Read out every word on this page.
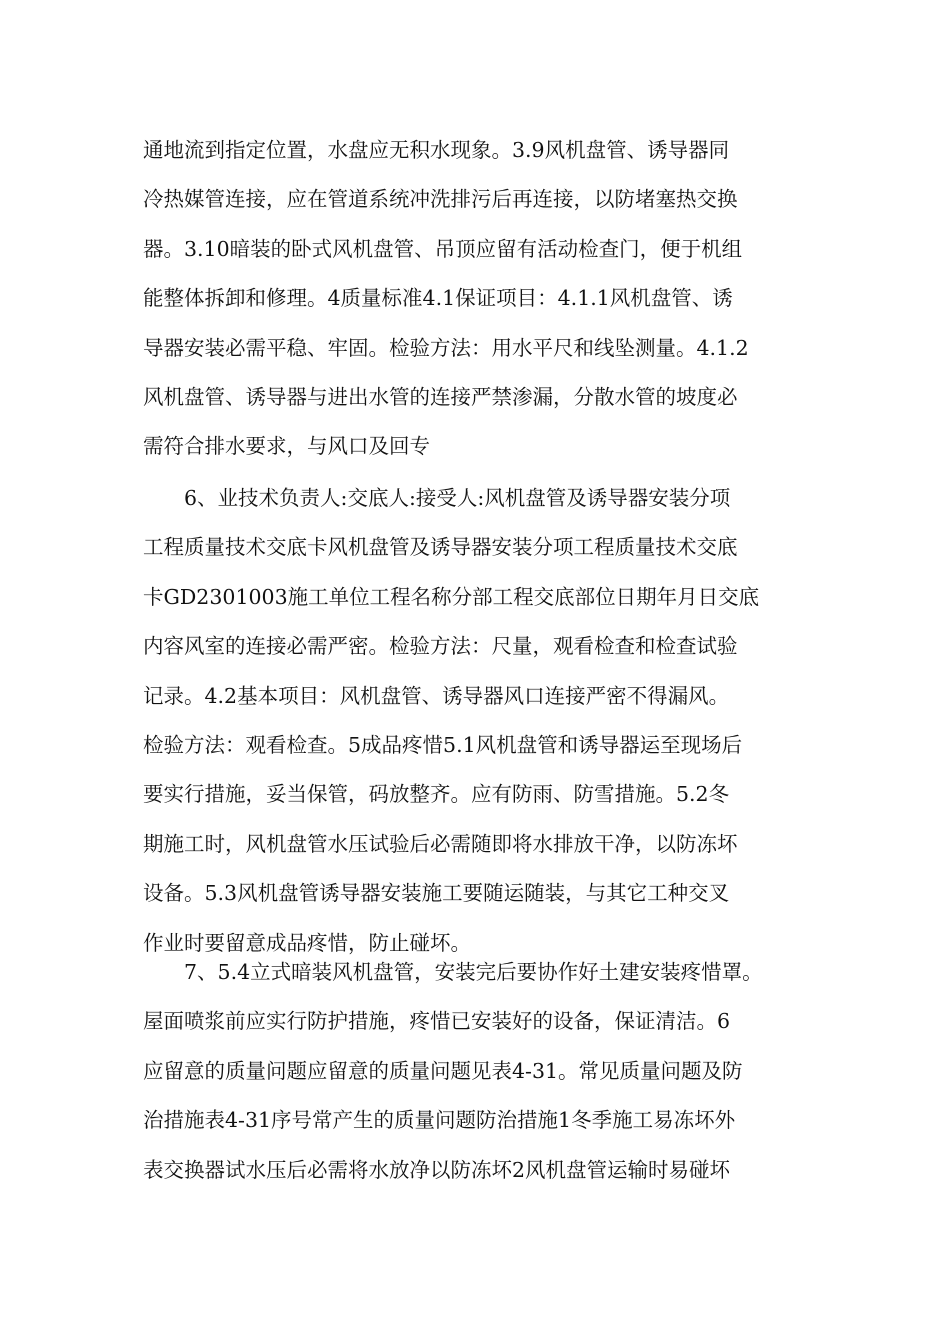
通地流到指定位置，水盘应无积水现象。3.9风机盘管、诱导器同
冷热媒管连接，应在管道系统冲洗排污后再连接，以防堵塞热交换
器。3.10暗装的卧式风机盘管、吊顶应留有活动检查门，便于机组
能整体拆卸和修理。4质量标准4.1保证项目：4.1.1风机盘管、诱
导器安装必需平稳、牢固。检验方法：用水平尺和线坠测量。4.1.2
风机盘管、诱导器与进出水管的连接严禁渗漏，分散水管的坡度必
需符合排水要求，与风口及回专
6、业技术负责人:交底人:接受人:风机盘管及诱导器安装分项
工程质量技术交底卡风机盘管及诱导器安装分项工程质量技术交底
卡GD2301003施工单位工程名称分部工程交底部位日期年月日交底
内容风室的连接必需严密。检验方法：尺量，观看检查和检查试验
记录。4.2基本项目：风机盘管、诱导器风口连接严密不得漏风。
检验方法：观看检查。5成品疼惜5.1风机盘管和诱导器运至现场后
要实行措施，妥当保管，码放整齐。应有防雨、防雪措施。5.2冬
期施工时，风机盘管水压试验后必需随即将水排放干净，以防冻坏
设备。5.3风机盘管诱导器安装施工要随运随装，与其它工种交叉
作业时要留意成品疼惜，防止碰坏。
7、5.4立式暗装风机盘管，安装完后要协作好土建安装疼惜罩。
屋面喷浆前应实行防护措施，疼惜已安装好的设备，保证清洁。6
应留意的质量问题应留意的质量问题见表4-31。常见质量问题及防
治措施表4-31序号常产生的质量问题防治措施1冬季施工易冻坏外
表交换器试水压后必需将水放净以防冻坏2风机盘管运输时易碰坏
